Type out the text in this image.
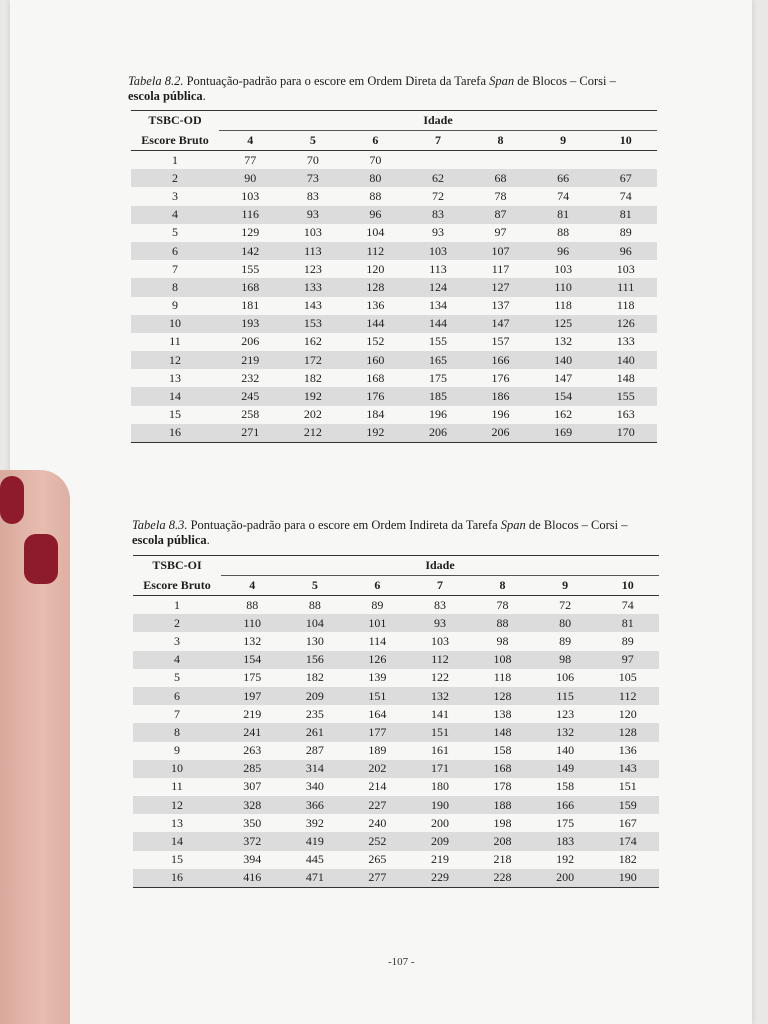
Tabela 8.2. Pontuação-padrão para o escore em Ordem Direta da Tarefa Span de Blocos – Corsi –
escola pública.
TSBC-OD	Idade						
Escore Bruto	4	5	6	7	8	9	10
1	77	70	70				
2	90	73	80	62	68	66	67
3	103	83	88	72	78	74	74
4	116	93	96	83	87	81	81
5	129	103	104	93	97	88	89
6	142	113	112	103	107	96	96
7	155	123	120	113	117	103	103
8	168	133	128	124	127	110	111
9	181	143	136	134	137	118	118
10	193	153	144	144	147	125	126
11	206	162	152	155	157	132	133
12	219	172	160	165	166	140	140
13	232	182	168	175	176	147	148
14	245	192	176	185	186	154	155
15	258	202	184	196	196	162	163
16	271	212	192	206	206	169	170
Tabela 8.3. Pontuação-padrão para o escore em Ordem Indireta da Tarefa Span de Blocos – Corsi –
escola pública.
TSBC-OI	Idade						
Escore Bruto	4	5	6	7	8	9	10
1	88	88	89	83	78	72	74
2	110	104	101	93	88	80	81
3	132	130	114	103	98	89	89
4	154	156	126	112	108	98	97
5	175	182	139	122	118	106	105
6	197	209	151	132	128	115	112
7	219	235	164	141	138	123	120
8	241	261	177	151	148	132	128
9	263	287	189	161	158	140	136
10	285	314	202	171	168	149	143
11	307	340	214	180	178	158	151
12	328	366	227	190	188	166	159
13	350	392	240	200	198	175	167
14	372	419	252	209	208	183	174
15	394	445	265	219	218	192	182
16	416	471	277	229	228	200	190
-107 -
